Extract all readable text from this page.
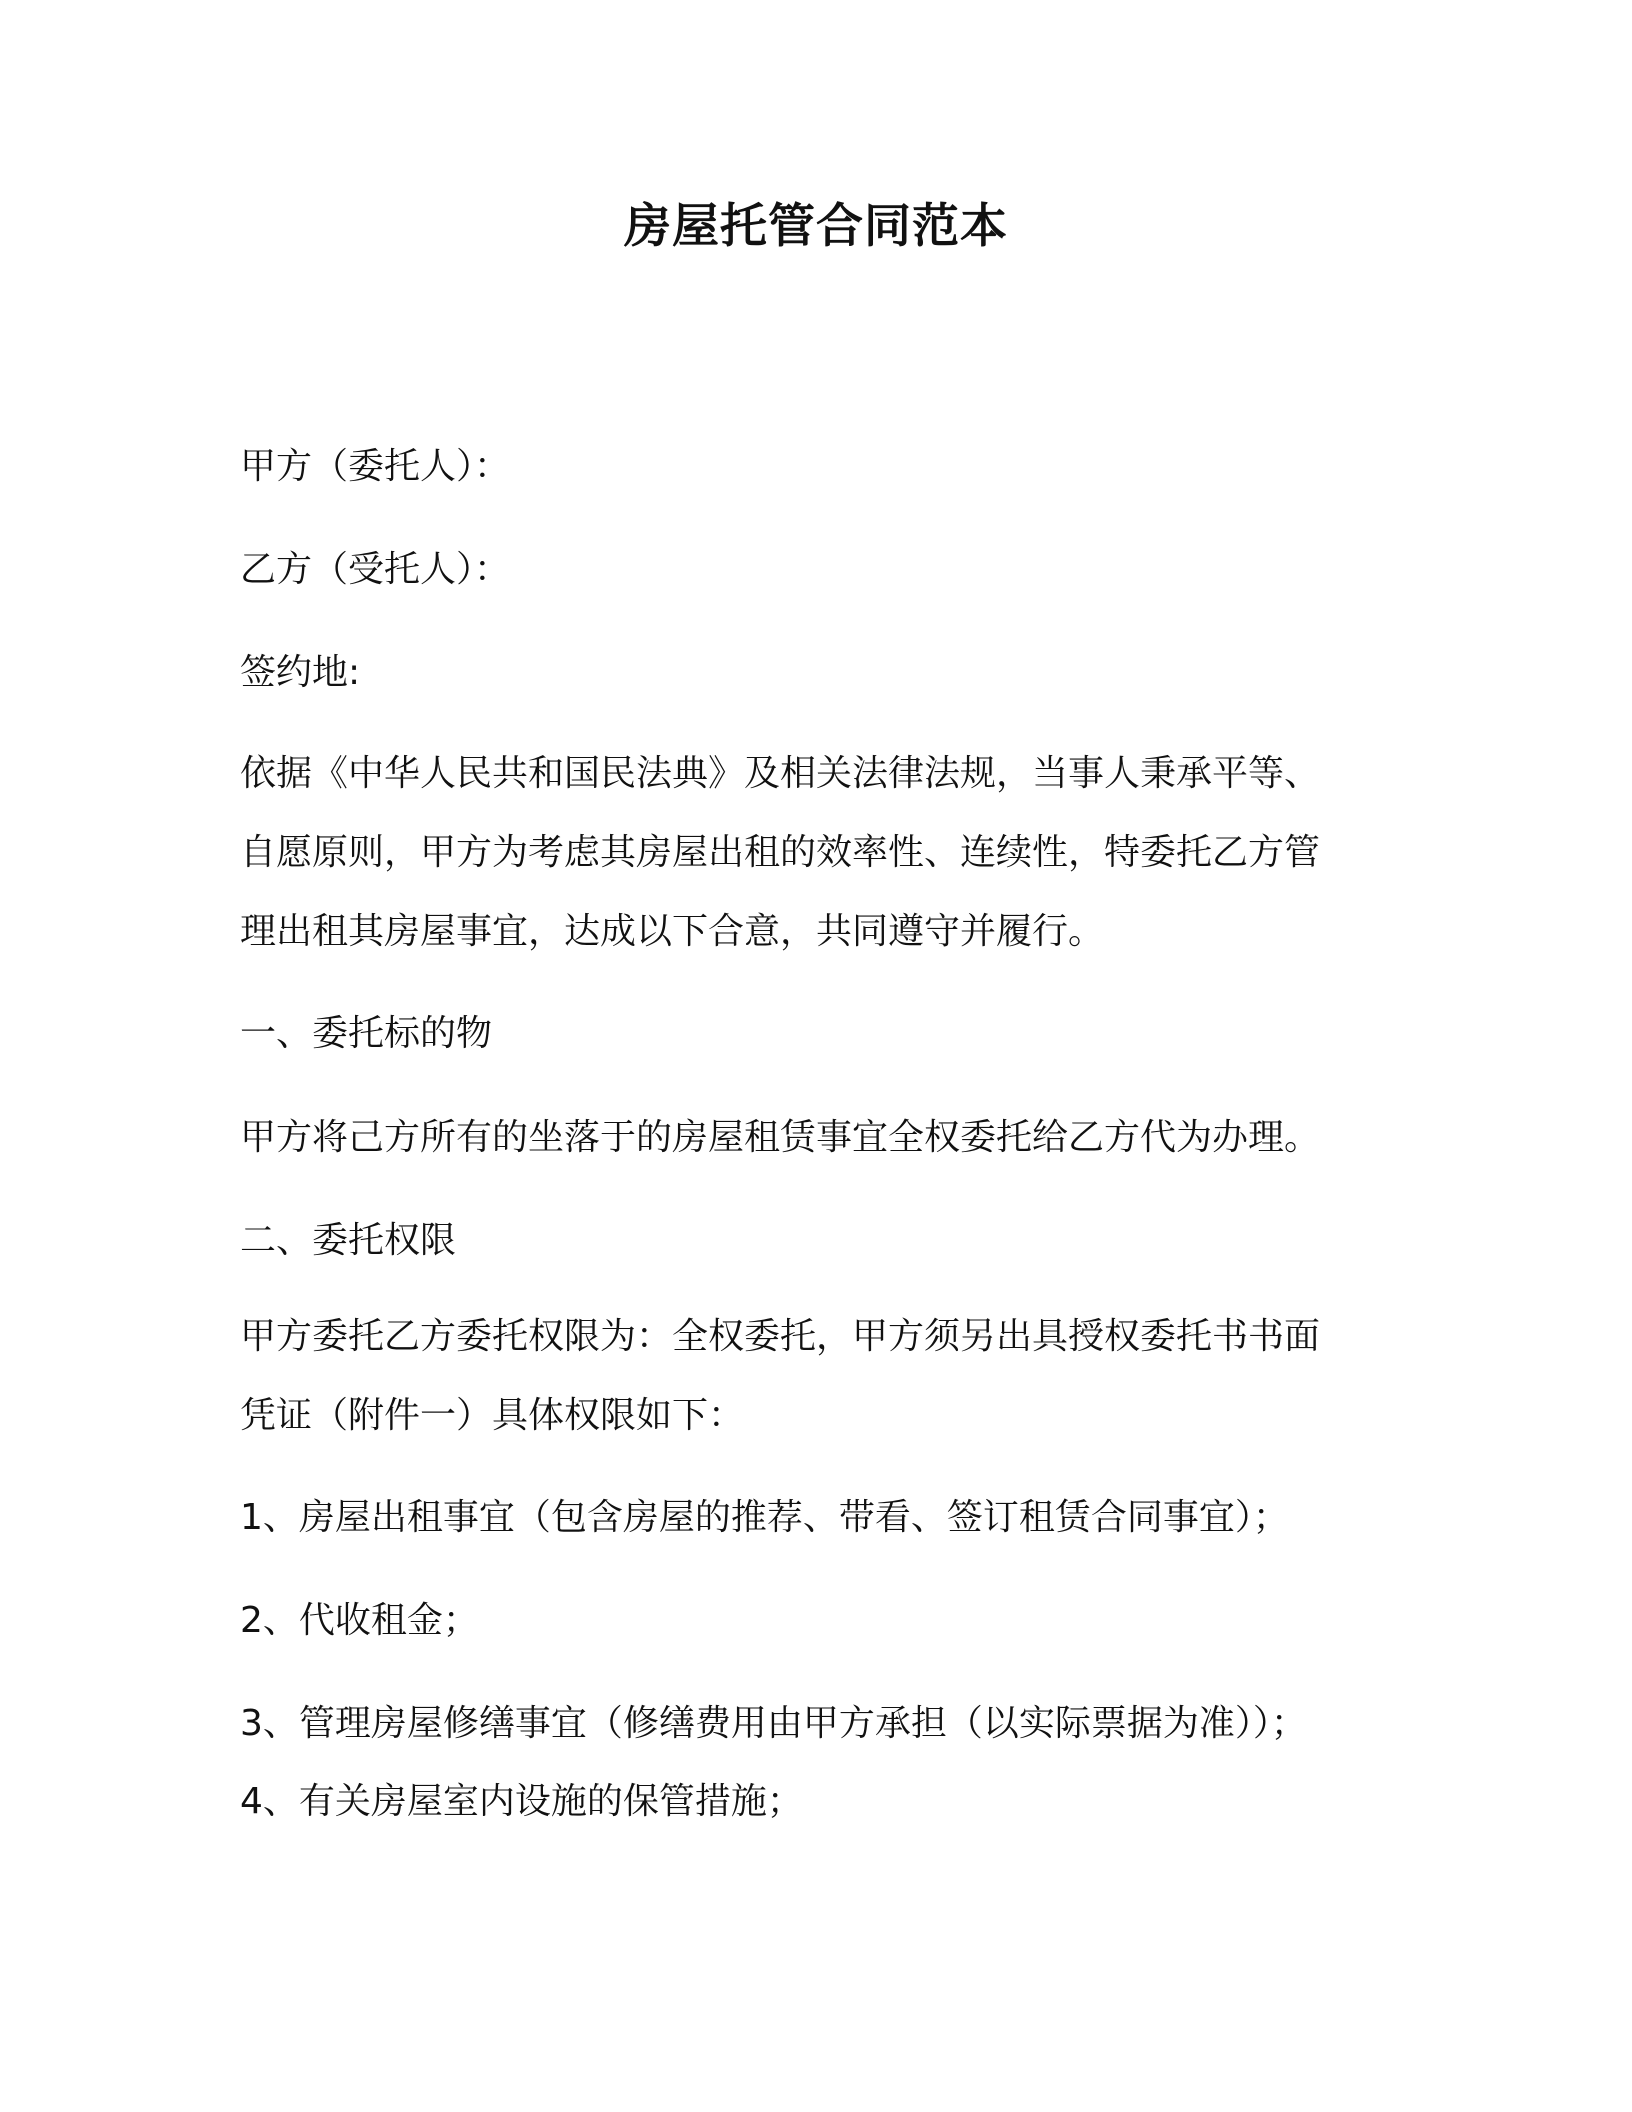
房屋托管合同范本
甲方（委托人）：
乙方（受托人）：
签约地:

依据《中华人民共和国民法典》及相关法律法规，当事人秉承平等、

自愿原则，甲方为考虑其房屋出租的效率性、连续性，特委托乙方管

理出租其房屋事宜，达成以下合意，共同遵守并履行。

一、委托标的物
甲方将己方所有的坐落于的房屋租赁事宜全权委托给乙方代为办理。
二、委托权限

甲方委托乙方委托权限为：全权委托，甲方须另出具授权委托书书面

凭证（附件一）具体权限如下：

1、房屋出租事宜（包含房屋的推荐、带看、签订租赁合同事宜）；
2、代收租金；
3、管理房屋修缮事宜（修缮费用由甲方承担（以实际票据为准））；
4、有关房屋室内设施的保管措施；
